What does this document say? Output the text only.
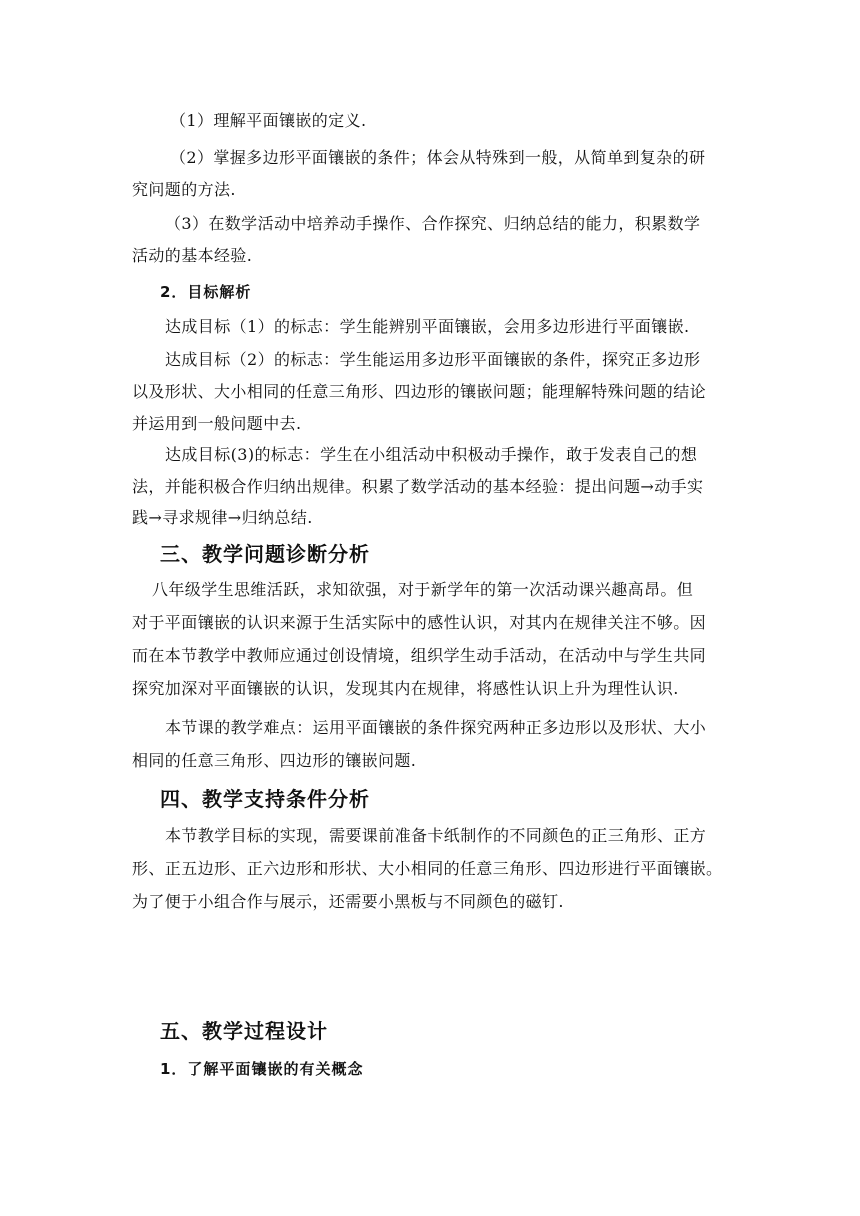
（1）理解平面镶嵌的定义.
（2）掌握多边形平面镶嵌的条件；体会从特殊到一般，从简单到复杂的研
究问题的方法.
（3）在数学活动中培养动手操作、合作探究、归纳总结的能力，积累数学
活动的基本经验.
2．目标解析
达成目标（1）的标志：学生能辨别平面镶嵌，会用多边形进行平面镶嵌.
达成目标（2）的标志：学生能运用多边形平面镶嵌的条件，探究正多边形
以及形状、大小相同的任意三角形、四边形的镶嵌问题；能理解特殊问题的结论
并运用到一般问题中去.
达成目标(3)的标志：学生在小组活动中积极动手操作，敢于发表自己的想
法，并能积极合作归纳出规律。积累了数学活动的基本经验：提出问题→动手实
践→寻求规律→归纳总结.
三、教学问题诊断分析
八年级学生思维活跃，求知欲强，对于新学年的第一次活动课兴趣高昂。但
对于平面镶嵌的认识来源于生活实际中的感性认识，对其内在规律关注不够。因
而在本节教学中教师应通过创设情境，组织学生动手活动，在活动中与学生共同
探究加深对平面镶嵌的认识，发现其内在规律，将感性认识上升为理性认识.
本节课的教学难点：运用平面镶嵌的条件探究两种正多边形以及形状、大小
相同的任意三角形、四边形的镶嵌问题.
四、教学支持条件分析
本节教学目标的实现，需要课前准备卡纸制作的不同颜色的正三角形、正方
形、正五边形、正六边形和形状、大小相同的任意三角形、四边形进行平面镶嵌。
为了便于小组合作与展示，还需要小黑板与不同颜色的磁钉.
五、教学过程设计
1．了解平面镶嵌的有关概念
